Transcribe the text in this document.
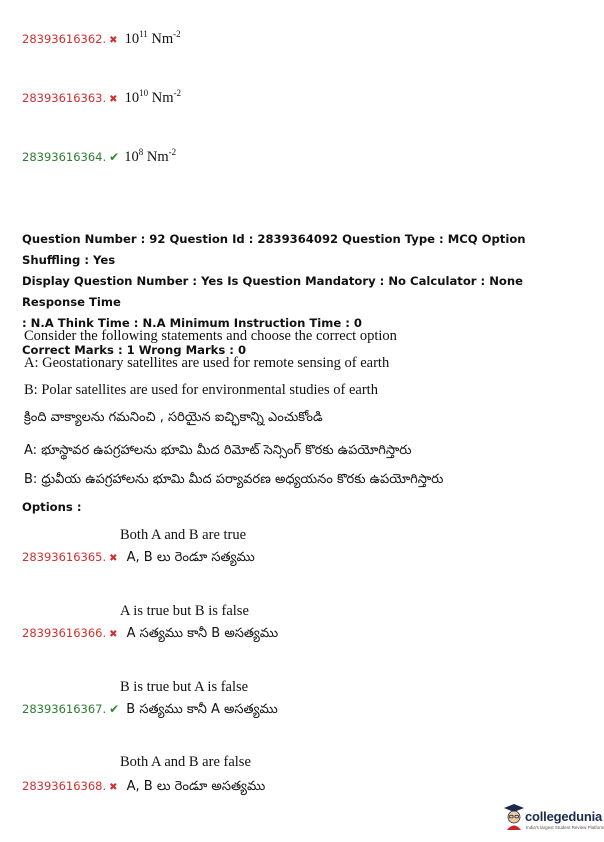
28393616362. ✖ $10^{11}$ $Nm^{-2}$
28393616363. ✖ $10^{10}$ $Nm^{-2}$
28393616364. ✔ $10^8$ $Nm^{-2}$
Question Number : 92 Question Id : 2839364092 Question Type : MCQ Option Shuffling : Yes
Display Question Number : Yes Is Question Mandatory : No Calculator : None Response Time
: N.A Think Time : N.A Minimum Instruction Time : 0
Correct Marks : 1 Wrong Marks : 0
Consider the following statements and choose the correct option
A: Geostationary satellites are used for remote sensing of earth
B: Polar satellites are used for environmental studies of earth
క్రింది వాక్యాలను గమనించి , సరియైన ఐచ్ఛికాన్ని ఎంచుకోండి
A: భూస్థావర ఉపగ్రహాలను భూమి మీద రిమోట్ సెన్సింగ్ కొరకు ఉపయోగిస్తారు
B: ధ్రువీయ ఉపగ్రహాలను భూమి మీద పర్యావరణ అధ్యయనం కొరకు ఉపయోగిస్తారు
Options :
Both A and B are true
28393616365. ✖ A, B లు రెండూ సత్యము
A is true but B is false
28393616366. ✖ A సత్యము కానీ B అసత్యము
B is true but A is false
28393616367. ✔ B సత్యము కానీ A అసత్యము
Both A and B are false
28393616368. ✖ A, B లు రెండూ అసత్యము
collegedunia
India's largest Student Review Platform
